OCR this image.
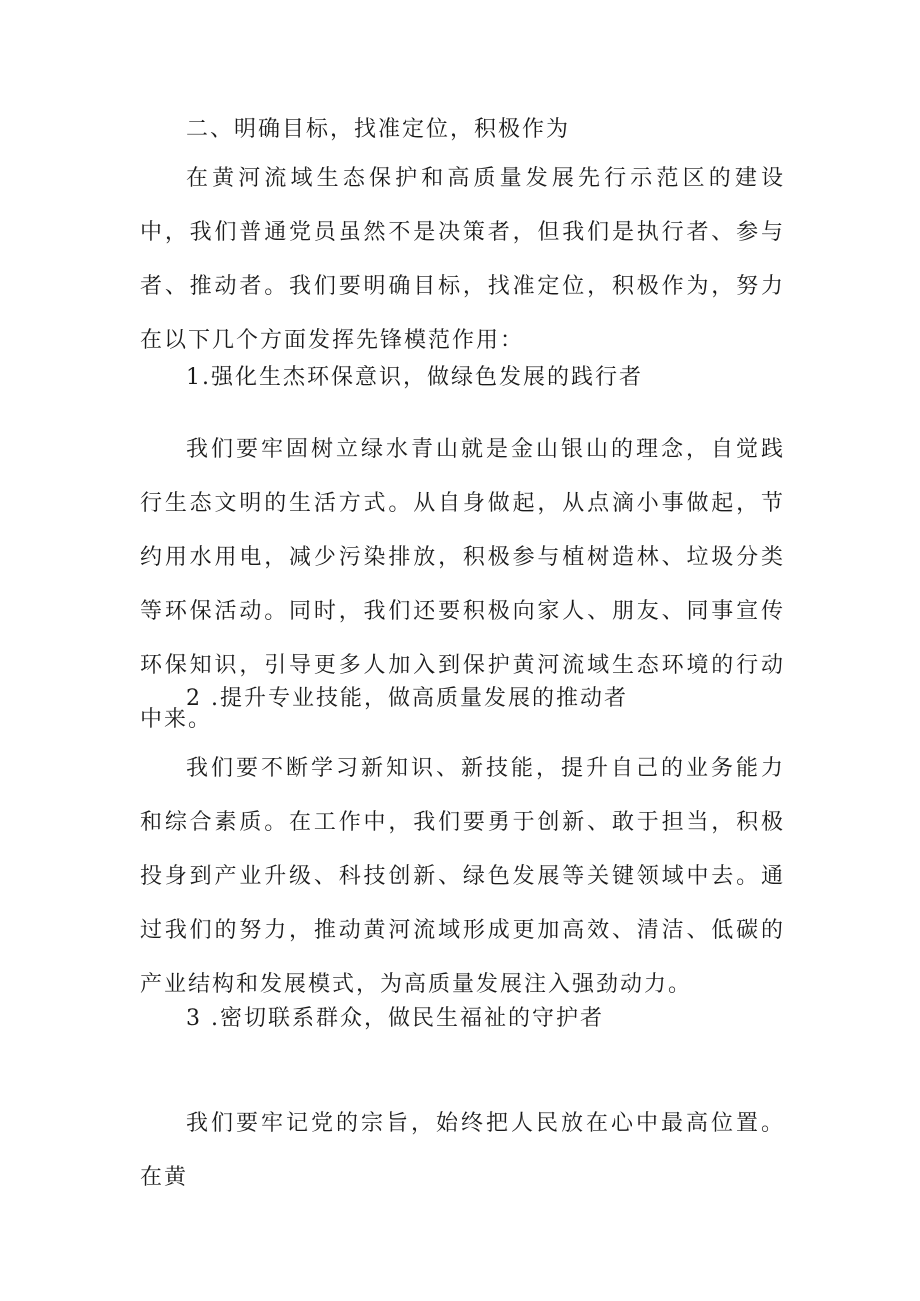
二、明确目标，找准定位，积极作为

在黄河流域生态保护和高质量发展先行示范区的建设中，我们普通党员虽然不是决策者，但我们是执行者、参与者、推动者。我们要明确目标，找准定位，积极作为，努力在以下几个方面发挥先锋模范作用：

1.强化生杰环保意识，做绿色发展的践行者

我们要牢固树立绿水青山就是金山银山的理念，自觉践行生态文明的生活方式。从自身做起，从点滴小事做起，节约用水用电，减少污染排放，积极参与植树造林、垃圾分类等环保活动。同时，我们还要积极向家人、朋友、同事宣传环保知识，引导更多人加入到保护黄河流域生态环境的行动中来。

2 .提升专业技能，做高质量发展的推动者

我们要不断学习新知识、新技能，提升自己的业务能力和综合素质。在工作中，我们要勇于创新、敢于担当，积极投身到产业升级、科技创新、绿色发展等关键领域中去。通过我们的努力，推动黄河流域形成更加高效、清洁、低碳的产业结构和发展模式，为高质量发展注入强劲动力。

3 .密切联系群众，做民生福祉的守护者

我们要牢记党的宗旨，始终把人民放在心中最高位置。在黄
